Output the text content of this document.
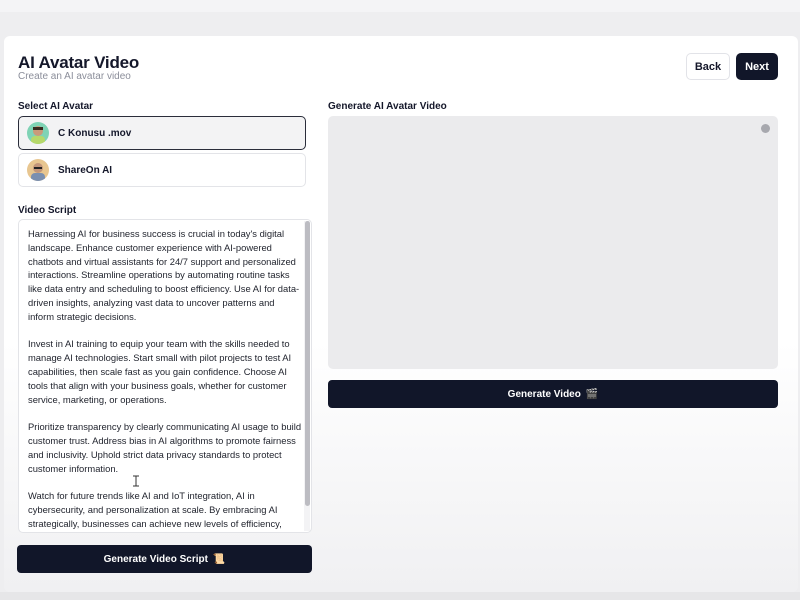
AI Avatar Video
Create an AI avatar video
Back	Next
Select AI Avatar
C Konusu .mov
ShareOn AI
Video Script

Harnessing AI for business success is crucial in today's digital landscape. Enhance customer experience with AI-powered chatbots and virtual assistants for 24/7 support and personalized interactions. Streamline operations by automating routine tasks like data entry and scheduling to boost efficiency. Use AI for data-driven insights, analyzing vast data to uncover patterns and inform strategic decisions.

Invest in AI training to equip your team with the skills needed to manage AI technologies. Start small with pilot projects to test AI capabilities, then scale fast as you gain confidence. Choose AI tools that align with your business goals, whether for customer service, marketing, or operations.

Prioritize transparency by clearly communicating AI usage to build customer trust. Address bias in AI algorithms to promote fairness and inclusivity. Uphold strict data privacy standards to protect customer information.

Watch for future trends like AI and IoT integration, AI in cybersecurity, and personalization at scale. By embracing AI strategically, businesses can achieve new levels of efficiency,

Generate Video Script 📜
Generate AI Avatar Video
Generate Video 🎬
